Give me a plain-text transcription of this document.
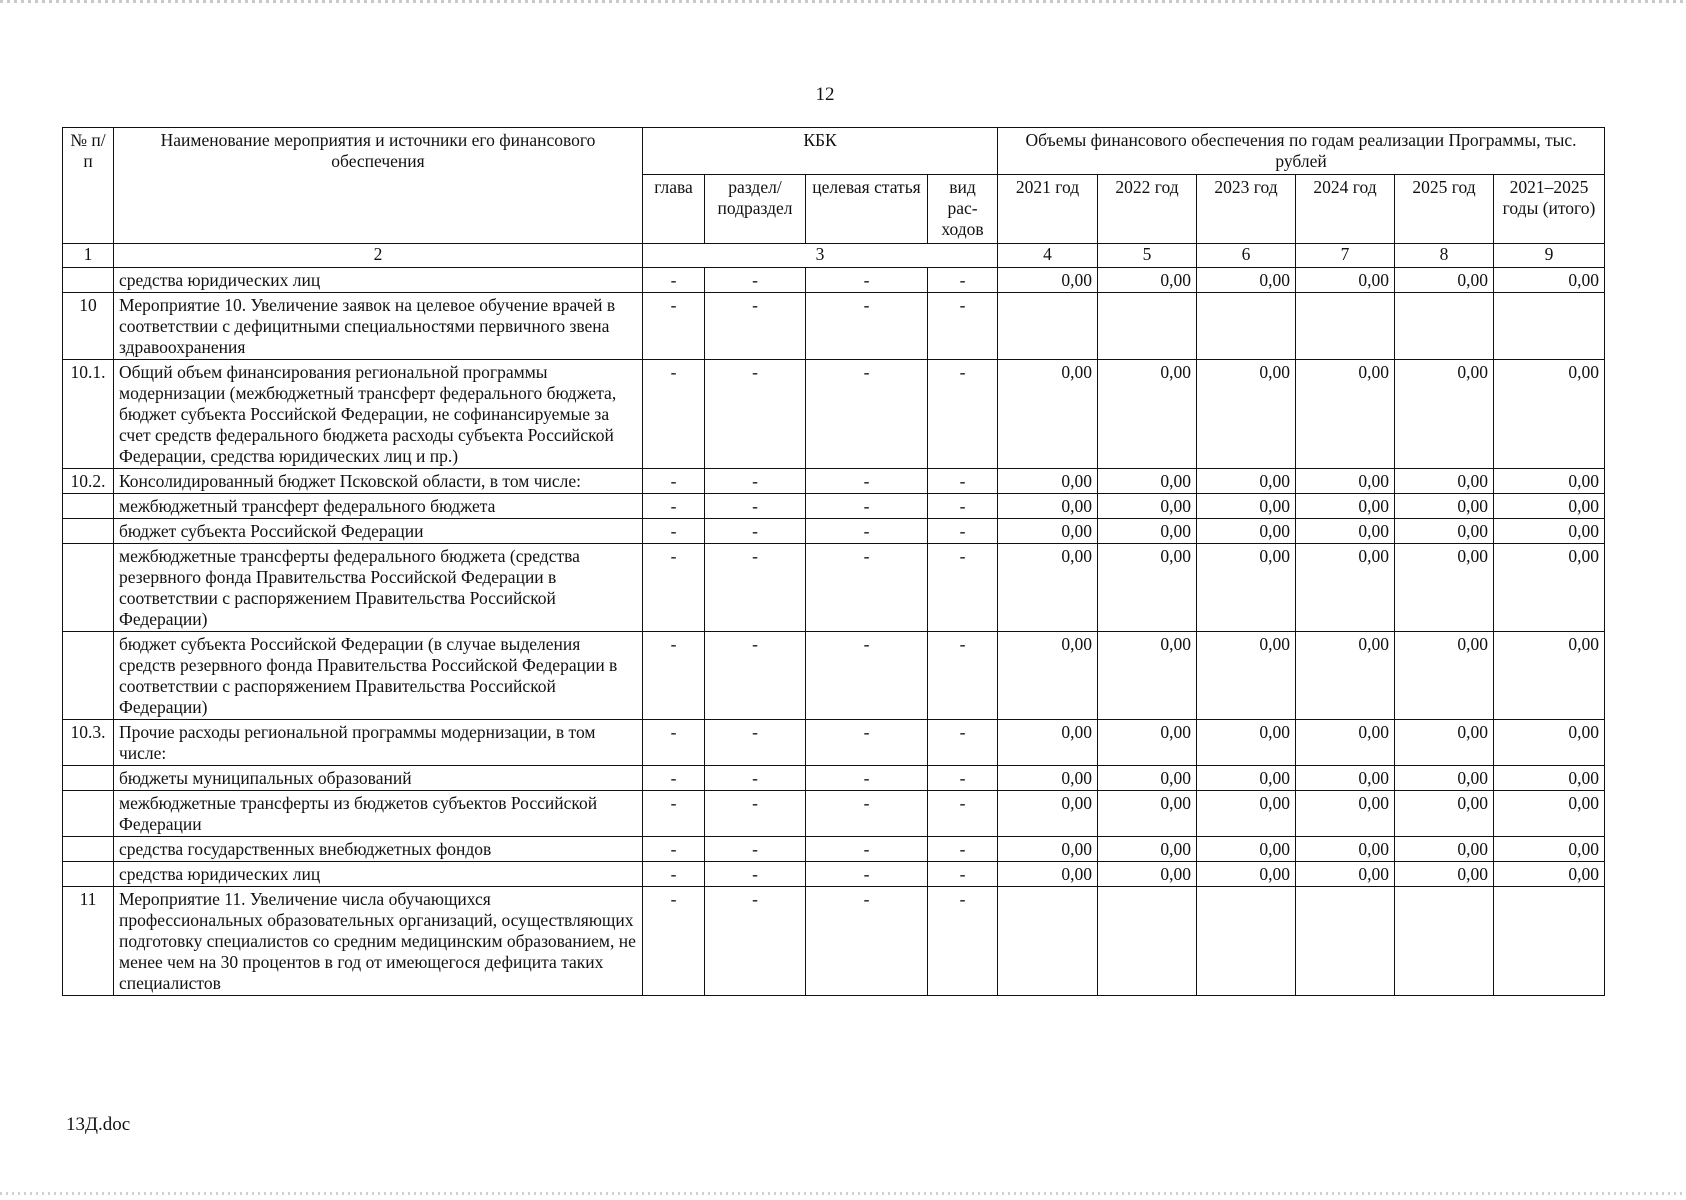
12
№ п/п	Наименование мероприятия и источники его финансового обеспечения	КБК				Объемы финансового обеспечения по годам реализации Программы, тыс. рублей					
		глава	раздел/ подраздел	целевая статья	вид рас- ходов	2021 год	2022 год	2023 год	2024 год	2025 год	2021–2025 годы (итого)
1	2	3				4	5	6	7	8	9
	средства юридических лиц	-	-	-	-	0,00	0,00	0,00	0,00	0,00	0,00
10	Мероприятие 10. Увеличение заявок на целевое обучение врачей в соответствии с дефицитными специальностями первичного звена здравоохранения	-	-	-	-						
10.1.	Общий объем финансирования региональной программы модернизации (межбюджетный трансферт федерального бюджета, бюджет субъекта Российской Федерации, не софинансируемые за счет средств федерального бюджета расходы субъекта Российской Федерации, средства юридических лиц и пр.)	-	-	-	-	0,00	0,00	0,00	0,00	0,00	0,00
10.2.	Консолидированный бюджет Псковской области, в том числе:	-	-	-	-	0,00	0,00	0,00	0,00	0,00	0,00
	межбюджетный трансферт федерального бюджета	-	-	-	-	0,00	0,00	0,00	0,00	0,00	0,00
	бюджет субъекта Российской Федерации	-	-	-	-	0,00	0,00	0,00	0,00	0,00	0,00
	межбюджетные трансферты федерального бюджета (средства резервного фонда Правительства Российской Федерации в соответствии с распоряжением Правительства Российской Федерации)	-	-	-	-	0,00	0,00	0,00	0,00	0,00	0,00
	бюджет субъекта Российской Федерации (в случае выделения средств резервного фонда Правительства Российской Федерации в соответствии с распоряжением Правительства Российской Федерации)	-	-	-	-	0,00	0,00	0,00	0,00	0,00	0,00
10.3.	Прочие расходы региональной программы модернизации, в том числе:	-	-	-	-	0,00	0,00	0,00	0,00	0,00	0,00
	бюджеты муниципальных образований	-	-	-	-	0,00	0,00	0,00	0,00	0,00	0,00
	межбюджетные трансферты из бюджетов субъектов Российской Федерации	-	-	-	-	0,00	0,00	0,00	0,00	0,00	0,00
	средства государственных внебюджетных фондов	-	-	-	-	0,00	0,00	0,00	0,00	0,00	0,00
	средства юридических лиц	-	-	-	-	0,00	0,00	0,00	0,00	0,00	0,00
11	Мероприятие 11. Увеличение числа обучающихся профессиональных образовательных организаций, осуществляющих подготовку специалистов со средним медицинским образованием, не менее чем на 30 процентов в год от имеющегося дефицита таких специалистов	-	-	-	-						
13Д.doc
